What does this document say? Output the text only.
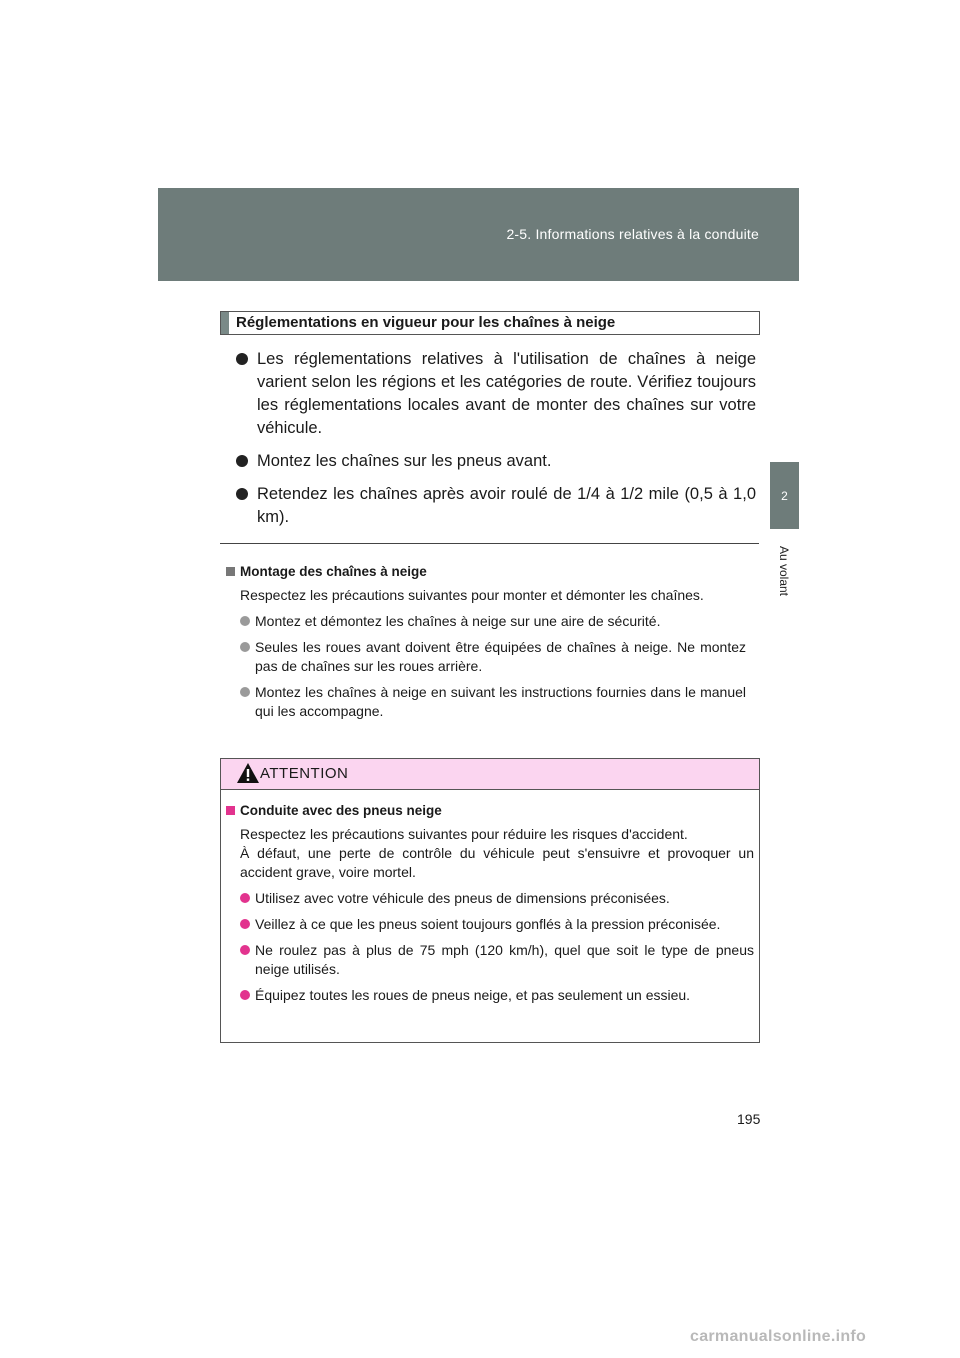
2-5. Informations relatives à la conduite
2
Au volant
Réglementations en vigueur pour les chaînes à neige
Les réglementations relatives à l'utilisation de chaînes à neige varient selon les régions et les catégories de route. Vérifiez toujours les réglementations locales avant de monter des chaînes sur votre véhicule.
Montez les chaînes sur les pneus avant.
Retendez les chaînes après avoir roulé de 1/4 à 1/2 mile (0,5 à 1,0 km).
Montage des chaînes à neige
Respectez les précautions suivantes pour monter et démonter les chaînes.
Montez et démontez les chaînes à neige sur une aire de sécurité.
Seules les roues avant doivent être équipées de chaînes à neige. Ne montez pas de chaînes sur les roues arrière.
Montez les chaînes à neige en suivant les instructions fournies dans le manuel qui les accompagne.
ATTENTION
Conduite avec des pneus neige
Respectez les précautions suivantes pour réduire les risques d'accident.
À défaut, une perte de contrôle du véhicule peut s'ensuivre et provoquer un accident grave, voire mortel.
Utilisez avec votre véhicule des pneus de dimensions préconisées.
Veillez à ce que les pneus soient toujours gonflés à la pression préconisée.
Ne roulez pas à plus de 75 mph (120 km/h), quel que soit le type de pneus neige utilisés.
Équipez toutes les roues de pneus neige, et pas seulement un essieu.
195
carmanualsonline.info
